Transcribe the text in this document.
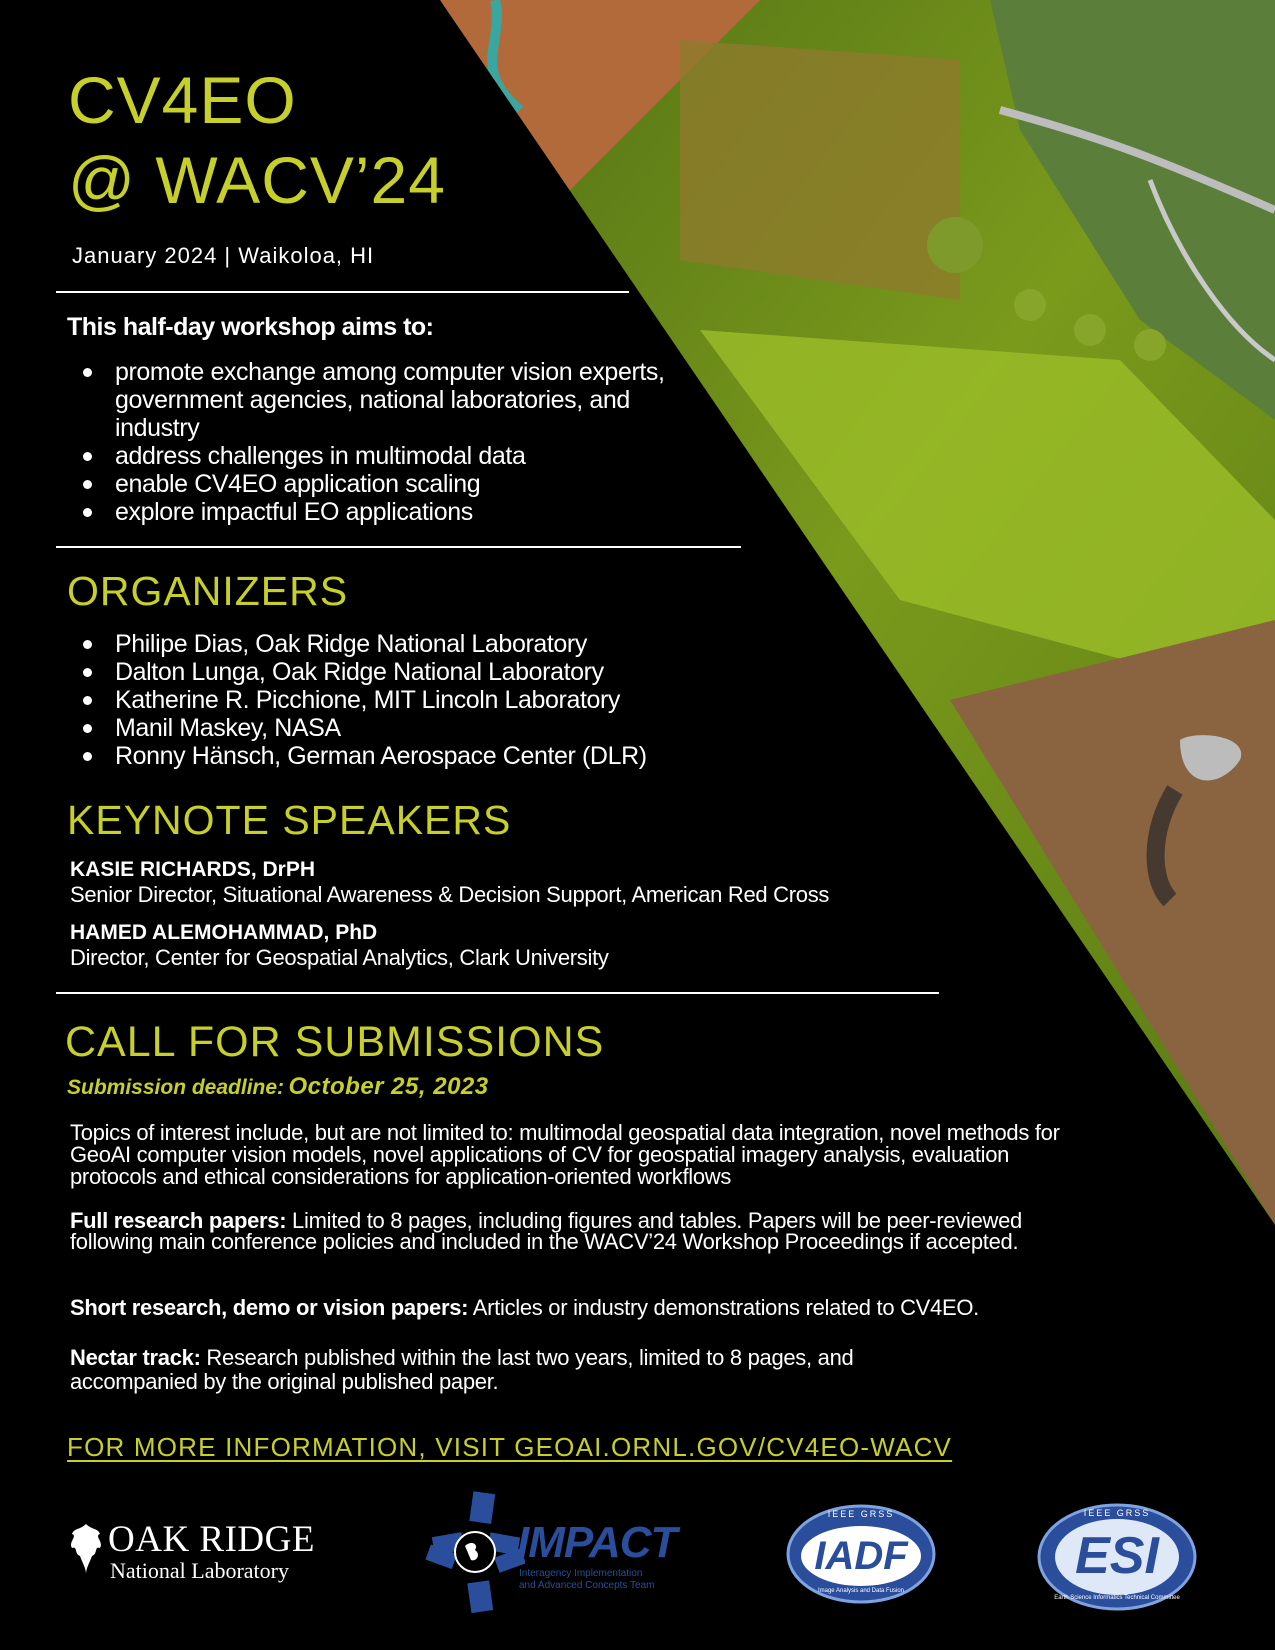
CV4EO
@ WACV’24
January 2024 | Waikoloa, HI
This half-day workshop aims to:
promote exchange among computer vision experts, government agencies, national laboratories, and industry
address challenges in multimodal data
enable CV4EO application scaling
explore impactful EO applications
ORGANIZERS
Philipe Dias, Oak Ridge National Laboratory
Dalton Lunga, Oak Ridge National Laboratory
Katherine R. Picchione, MIT Lincoln Laboratory
Manil Maskey, NASA
Ronny Hänsch, German Aerospace Center (DLR)
KEYNOTE SPEAKERS
KASIE RICHARDS, DrPH
Senior Director, Situational Awareness & Decision Support, American Red Cross
HAMED ALEMOHAMMAD, PhD
Director, Center for Geospatial Analytics, Clark University
CALL FOR SUBMISSIONS
Submission deadline: October 25, 2023
Topics of interest include, but are not limited to: multimodal geospatial data integration, novel methods for GeoAI computer vision models, novel applications of CV for geospatial imagery analysis, evaluation protocols and ethical considerations for application-oriented workflows
Full research papers: Limited to 8 pages, including figures and tables. Papers will be peer-reviewed following main conference policies and included in the WACV’24 Workshop Proceedings if accepted.
Short research, demo or vision papers: Articles or industry demonstrations related to CV4EO.
Nectar track: Research published within the last two years, limited to 8 pages, and accompanied by the original published paper.
FOR MORE INFORMATION, VISIT GEOAI.ORNL.GOV/CV4EO-WACV
OAK RIDGE
National Laboratory
IMPACT
Interagency Implementation
and Advanced Concepts Team
IEEE GRSS
IADF
Image Analysis and Data Fusion
IEEE GRSS
ESI
Earth Science Informatics Technical Committee
